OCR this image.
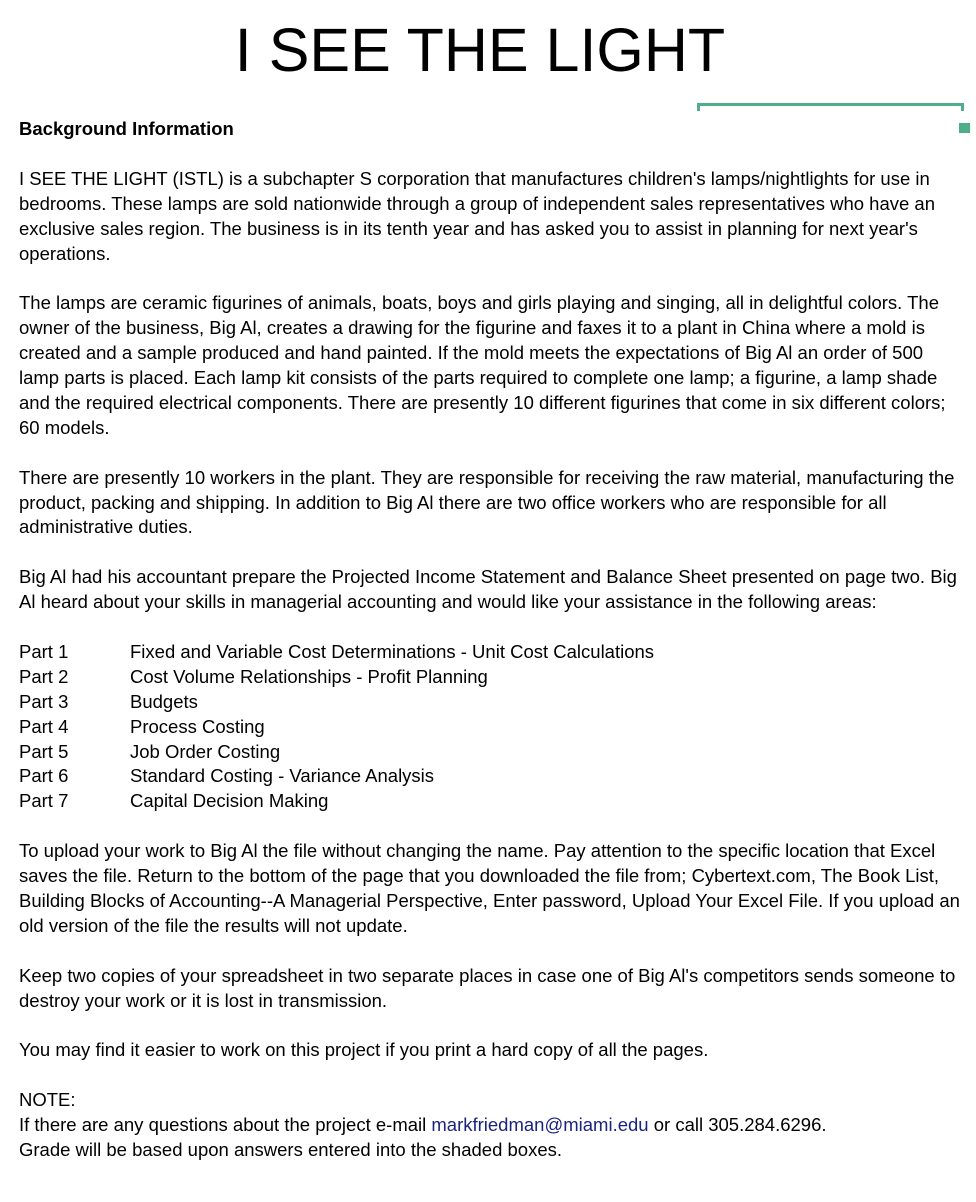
I SEE THE LIGHT

Background Information

I SEE THE LIGHT (ISTL) is a subchapter S corporation that manufactures children's lamps/nightlights for use in bedrooms. These lamps are sold nationwide through a group of independent sales representatives who have an exclusive sales region. The business is in its tenth year and has asked you to assist in planning for next year's operations.

The lamps are ceramic figurines of animals, boats, boys and girls playing and singing, all in delightful colors. The owner of the business, Big Al, creates a drawing for the figurine and faxes it to a plant in China where a mold is created and a sample produced and hand painted. If the mold meets the expectations of Big Al an order of 500 lamp parts is placed. Each lamp kit consists of the parts required to complete one lamp; a figurine, a lamp shade and the required electrical components. There are presently 10 different figurines that come in six different colors; 60 models.

There are presently 10 workers in the plant. They are responsible for receiving the raw material, manufacturing the product, packing and shipping. In addition to Big Al there are two office workers who are responsible for all administrative duties.

Big Al had his accountant prepare the Projected Income Statement and Balance Sheet presented on page two. Big Al heard about your skills in managerial accounting and would like your assistance in the following areas:

Part 1	Fixed and Variable Cost Determinations - Unit Cost Calculations
Part 2	Cost Volume Relationships - Profit Planning
Part 3	Budgets
Part 4	Process Costing
Part 5	Job Order Costing
Part 6	Standard Costing - Variance Analysis
Part 7	Capital Decision Making

To upload your work to Big Al the file without changing the name. Pay attention to the specific location that Excel saves the file. Return to the bottom of the page that you downloaded the file from; Cybertext.com, The Book List, Building Blocks of Accounting--A Managerial Perspective, Enter password, Upload Your Excel File. If you upload an old version of the file the results will not update.

Keep two copies of your spreadsheet in two separate places in case one of Big Al's competitors sends someone to destroy your work or it is lost in transmission.

You may find it easier to work on this project if you print a hard copy of all the pages.

NOTE:

If there are any questions about the project e-mail markfriedman@miami.edu or call 305.284.6296.

Grade will be based upon answers entered into the shaded boxes.
